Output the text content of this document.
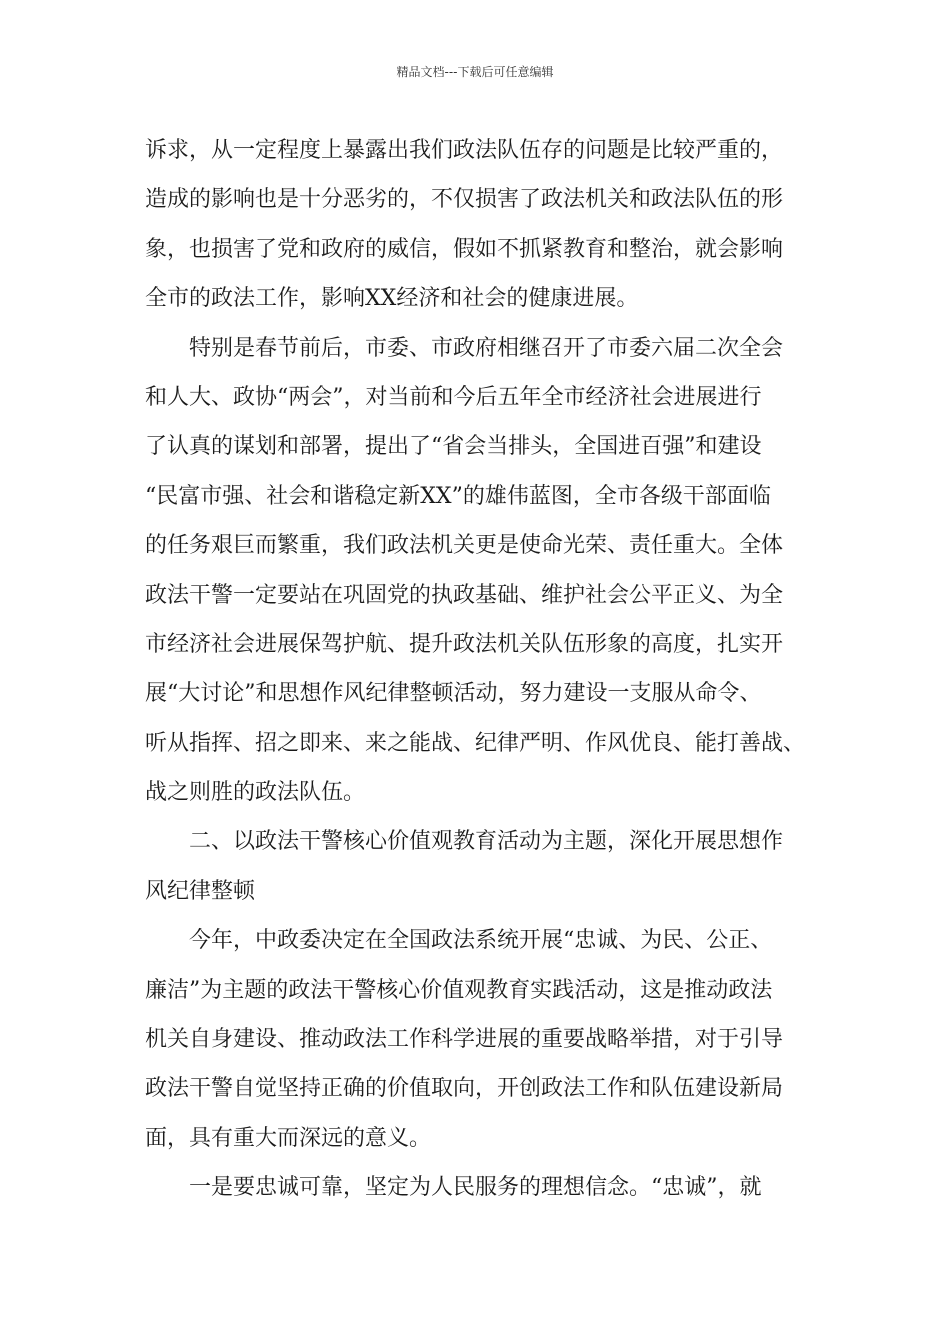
精品文档---下载后可任意编辑
诉求，从一定程度上暴露出我们政法队伍存的问题是比较严重的，
造成的影响也是十分恶劣的，不仅损害了政法机关和政法队伍的形
象，也损害了党和政府的威信，假如不抓紧教育和整治，就会影响
全市的政法工作，影响XX经济和社会的健康进展。
特别是春节前后，市委、市政府相继召开了市委六届二次全会
和人大、政协“两会”，对当前和今后五年全市经济社会进展进行
了认真的谋划和部署，提出了“省会当排头，全国进百强”和建设
“民富市强、社会和谐稳定新XX”的雄伟蓝图，全市各级干部面临
的任务艰巨而繁重，我们政法机关更是使命光荣、责任重大。全体
政法干警一定要站在巩固党的执政基础、维护社会公平正义、为全
市经济社会进展保驾护航、提升政法机关队伍形象的高度，扎实开
展“大讨论”和思想作风纪律整顿活动，努力建设一支服从命令、
听从指挥、招之即来、来之能战、纪律严明、作风优良、能打善战、
战之则胜的政法队伍。
二、以政法干警核心价值观教育活动为主题，深化开展思想作
风纪律整顿
今年，中政委决定在全国政法系统开展“忠诚、为民、公正、
廉洁”为主题的政法干警核心价值观教育实践活动，这是推动政法
机关自身建设、推动政法工作科学进展的重要战略举措，对于引导
政法干警自觉坚持正确的价值取向，开创政法工作和队伍建设新局
面，具有重大而深远的意义。
一是要忠诚可靠，坚定为人民服务的理想信念。“忠诚”，就
